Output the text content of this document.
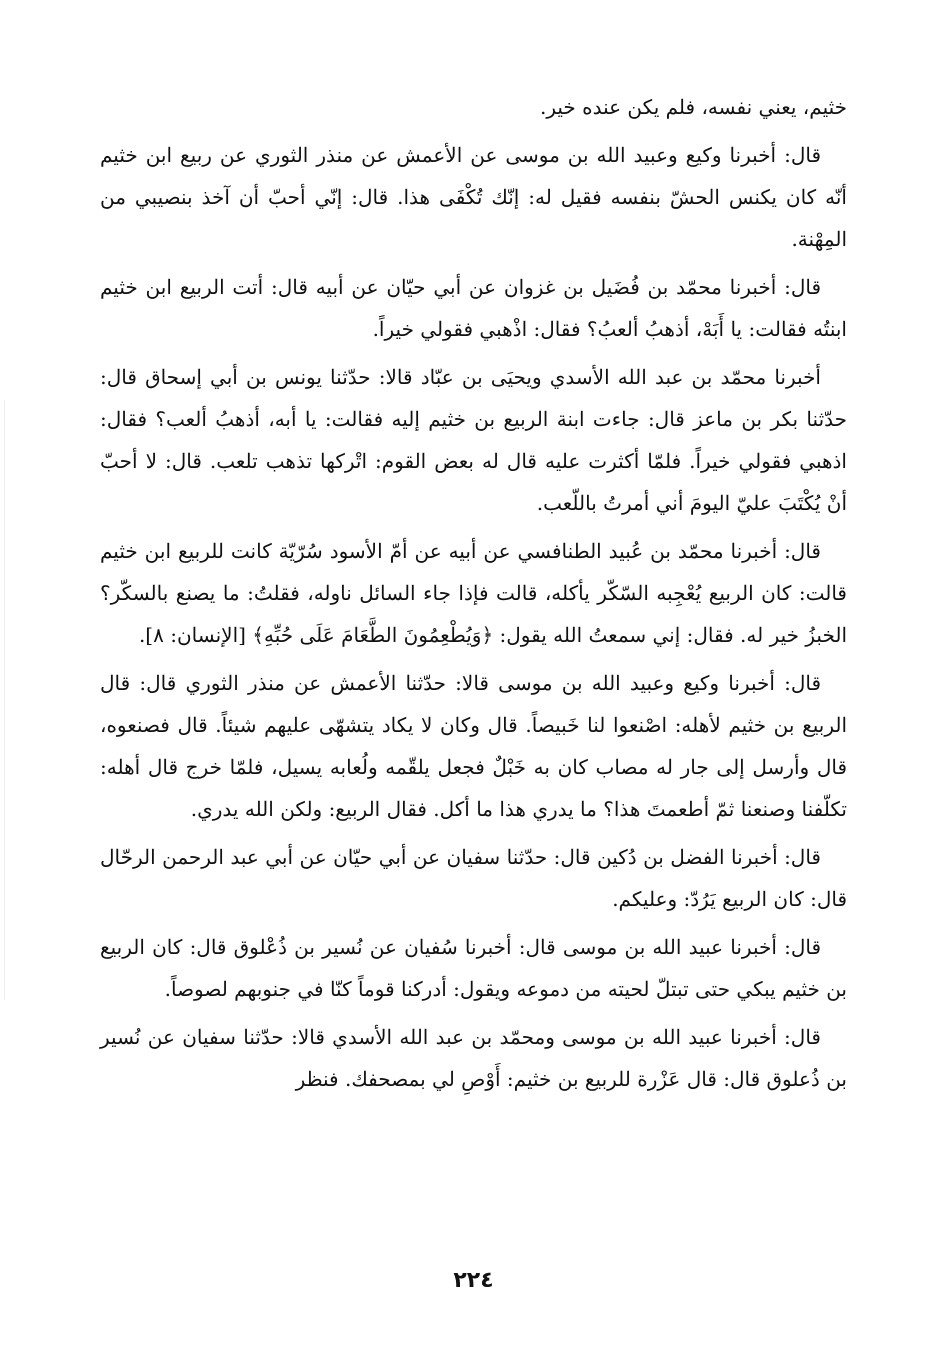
خثيم، يعني نفسه، فلم يكن عنده خير.

قال: أخبرنا وكيع وعبيد الله بن موسى عن الأعمش عن منذر الثوري عن ربيع ابن خثيم أنّه كان يكنس الحشّ بنفسه فقيل له: إنّك تُكْفَى هذا. قال: إنّي أحبّ أن آخذ بنصيبي من المِهْنة.

قال: أخبرنا محمّد بن فُضَيل بن غزوان عن أبي حيّان عن أبيه قال: أتت الربيع ابن خثيم ابنتُه فقالت: يا أَبَهْ، أذهبُ ألعبُ؟ فقال: اذْهبي فقولي خيراً.

أخبرنا محمّد بن عبد الله الأسدي ويحيَى بن عبّاد قالا: حدّثنا يونس بن أبي إسحاق قال: حدّثنا بكر بن ماعز قال: جاءت ابنة الربيع بن خثيم إليه فقالت: يا أبه، أذهبُ ألعب؟ فقال: اذهبي فقولي خيراً. فلمّا أكثرت عليه قال له بعض القوم: اتْركها تذهب تلعب. قال: لا أحبّ أنْ يُكْتَبَ عليّ اليومَ أني أمرتُ باللّعب.

قال: أخبرنا محمّد بن عُبيد الطنافسي عن أبيه عن أمّ الأسود سُرّيّة كانت للربيع ابن خثيم قالت: كان الربيع يُعْجِبه السّكّر يأكله، قالت فإذا جاء السائل ناوله، فقلتُ: ما يصنع بالسكّر؟ الخبزُ خير له. فقال: إني سمعتُ الله يقول: ﴿وَيُطْعِمُونَ الطَّعَامَ عَلَى حُبِّهِ﴾ [الإنسان: ٨].

قال: أخبرنا وكيع وعبيد الله بن موسى قالا: حدّثنا الأعمش عن منذر الثوري قال: قال الربيع بن خثيم لأهله: اصْنعوا لنا خَبيصاً. قال وكان لا يكاد يتشهّى عليهم شيئاً. قال فصنعوه، قال وأرسل إلى جار له مصاب كان به خَبْلٌ فجعل يلقّمه ولُعابه يسيل، فلمّا خرج قال أهله: تكلّفنا وصنعنا ثمّ أطعمتَ هذا؟ ما يدري هذا ما أكل. فقال الربيع: ولكن الله يدري.

قال: أخبرنا الفضل بن دُكين قال: حدّثنا سفيان عن أبي حيّان عن أبي عبد الرحمن الرحّال قال: كان الربيع يَرُدّ: وعليكم.

قال: أخبرنا عبيد الله بن موسى قال: أخبرنا سُفيان عن نُسير بن ذُعْلوق قال: كان الربيع بن خثيم يبكي حتى تبتلّ لحيته من دموعه ويقول: أدركنا قوماً كنّا في جنوبهم لصوصاً.

قال: أخبرنا عبيد الله بن موسى ومحمّد بن عبد الله الأسدي قالا: حدّثنا سفيان عن نُسير بن ذُعلوق قال: قال عَزْرة للربيع بن خثيم: أَوْصِ لي بمصحفك. فنظر

٢٢٤
